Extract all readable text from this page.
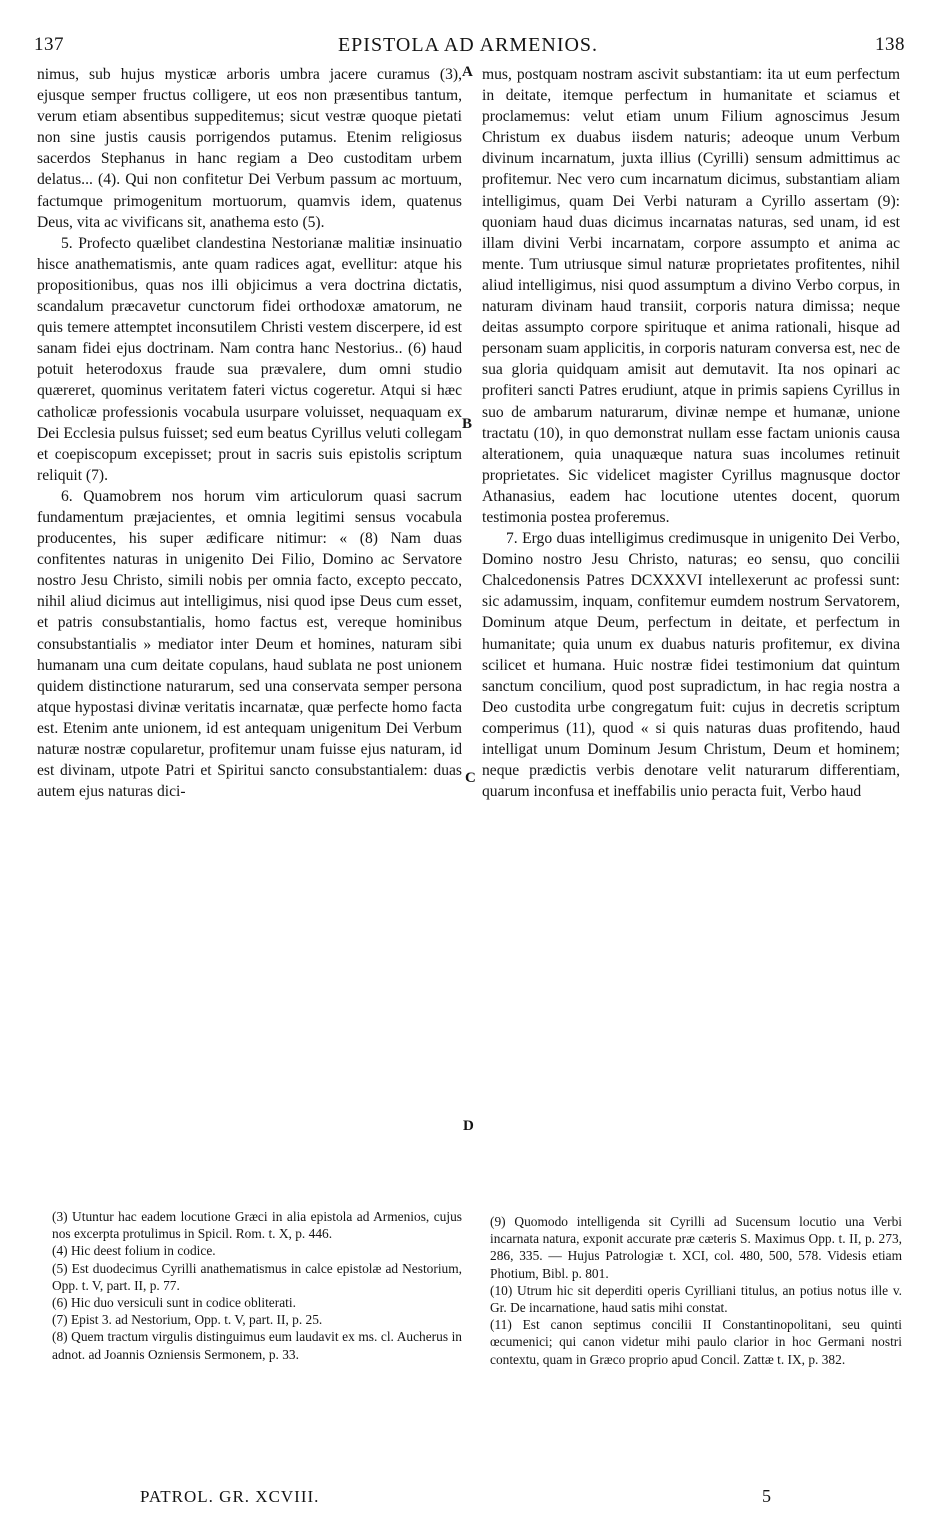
137	EPISTOLA AD ARMENIOS.	138

nimus, sub hujus mysticæ arboris umbra jacere curamus (3), ejusque semper fructus colligere, ut eos non præsentibus tantum, verum etiam absentibus suppeditemus; sicut vestræ quoque pietati non sine justis causis porrigendos putamus. Etenim religiosus sacerdos Stephanus in hanc regiam a Deo custoditam urbem delatus... (4). Qui non confitetur Dei Verbum passum ac mortuum, factumque primogenitum mortuorum, quamvis idem, quatenus Deus, vita ac vivificans sit, anathema esto (5).

5. Profecto quælibet clandestina Nestorianæ malitiæ insinuatio hisce anathematismis, ante quam radices agat, evellitur: atque his propositionibus, quas nos illi objicimus a vera doctrina dictatis, scandalum præcavetur cunctorum fidei orthodoxæ amatorum, ne quis temere attemptet inconsutilem Christi vestem discerpere, id est sanam fidei ejus doctrinam. Nam contra hanc Nestorius.. (6) haud potuit heterodoxus fraude sua prævalere, dum omni studio quæreret, quominus veritatem fateri victus cogeretur. Atqui si hæc catholicæ professionis vocabula usurpare voluisset, nequaquam ex Dei Ecclesia pulsus fuisset; sed eum beatus Cyrillus veluti collegam et coepiscopum excepisset; prout in sacris suis epistolis scriptum reliquit (7).

6. Quamobrem nos horum vim articulorum quasi sacrum fundamentum præjacientes, et omnia legitimi sensus vocabula producentes, his super ædificare nitimur: « (8) Nam duas confitentes naturas in unigenito Dei Filio, Domino ac Servatore nostro Jesu Christo, simili nobis per omnia facto, excepto peccato, nihil aliud dicimus aut intelligimus, nisi quod ipse Deus cum esset, et patris consubstantialis, homo factus est, vereque hominibus consubstantialis » mediator inter Deum et homines, naturam sibi humanam una cum deitate copulans, haud sublata ne post unionem quidem distinctione naturarum, sed una conservata semper persona atque hypostasi divinæ veritatis incarnatæ, quæ perfecte homo facta est. Etenim ante unionem, id est antequam unigenitum Dei Verbum naturæ nostræ copularetur, profitemur unam fuisse ejus naturam, id est divinam, utpote Patri et Spiritui sancto consubstantialem: duas autem ejus naturas dici-

mus, postquam nostram ascivit substantiam: ita ut eum perfectum in deitate, itemque perfectum in humanitate et sciamus et proclamemus: velut etiam unum Filium agnoscimus Jesum Christum ex duabus iisdem naturis; adeoque unum Verbum divinum incarnatum, juxta illius (Cyrilli) sensum admittimus ac profitemur. Nec vero cum incarnatum dicimus, substantiam aliam intelligimus, quam Dei Verbi naturam a Cyrillo assertam (9): quoniam haud duas dicimus incarnatas naturas, sed unam, id est illam divini Verbi incarnatam, corpore assumpto et anima ac mente. Tum utriusque simul naturæ proprietates profitentes, nihil aliud intelligimus, nisi quod assumptum a divino Verbo corpus, in naturam divinam haud transiit, corporis natura dimissa; neque deitas assumpto corpore spirituque et anima rationali, hisque ad personam suam applicitis, in corporis naturam conversa est, nec de sua gloria quidquam amisit aut demutavit. Ita nos opinari ac profiteri sancti Patres erudiunt, atque in primis sapiens Cyrillus in suo de ambarum naturarum, divinæ nempe et humanæ, unione tractatu (10), in quo demonstrat nullam esse factam unionis causa alterationem, quia unaquæque natura suas incolumes retinuit proprietates. Sic videlicet magister Cyrillus magnusque doctor Athanasius, eadem hac locutione utentes docent, quorum testimonia postea proferemus.

7. Ergo duas intelligimus credimusque in unigenito Dei Verbo, Domino nostro Jesu Christo, naturas; eo sensu, quo concilii Chalcedonensis Patres DCXXXVI intellexerunt ac professi sunt: sic adamussim, inquam, confitemur eumdem nostrum Servatorem, Dominum atque Deum, perfectum in deitate, et perfectum in humanitate; quia unum ex duabus naturis profitemur, ex divina scilicet et humana. Huic nostræ fidei testimonium dat quintum sanctum concilium, quod post supradictum, in hac regia nostra a Deo custodita urbe congregatum fuit: cujus in decretis scriptum comperimus (11), quod « si quis naturas duas profitendo, haud intelligat unum Dominum Jesum Christum, Deum et hominem; neque prædictis verbis denotare velit naturarum differentiam, quarum inconfusa et ineffabilis unio peracta fuit, Verbo haud

A
B
C
D

(3) Utuntur hac eadem locutione Græci in alia epistola ad Armenios, cujus nos excerpta protulimus in Spicil. Rom. t. X, p. 446.

(4) Hic deest folium in codice.

(5) Est duodecimus Cyrilli anathematismus in calce epistolæ ad Nestorium, Opp. t. V, part. II, p. 77.

(6) Hic duo versiculi sunt in codice obliterati.

(7) Epist 3. ad Nestorium, Opp. t. V, part. II, p. 25.

(8) Quem tractum virgulis distinguimus eum laudavit ex ms. cl. Aucherus in adnot. ad Joannis Ozniensis Sermonem, p. 33.

(9) Quomodo intelligenda sit Cyrilli ad Sucensum locutio una Verbi incarnata natura, exponit accurate præ cæteris S. Maximus Opp. t. II, p. 273, 286, 335. — Hujus Patrologiæ t. XCI, col. 480, 500, 578. Videsis etiam Photium, Bibl. p. 801.

(10) Utrum hic sit deperditi operis Cyrilliani titulus, an potius notus ille v. Gr. De incarnatione, haud satis mihi constat.

(11) Est canon septimus concilii II Constantinopolitani, seu quinti œcumenici; qui canon videtur mihi paulo clarior in hoc Germani nostri contextu, quam in Græco proprio apud Concil. Zattæ t. IX, p. 382.

PATROL. GR. XCVIII.	5
